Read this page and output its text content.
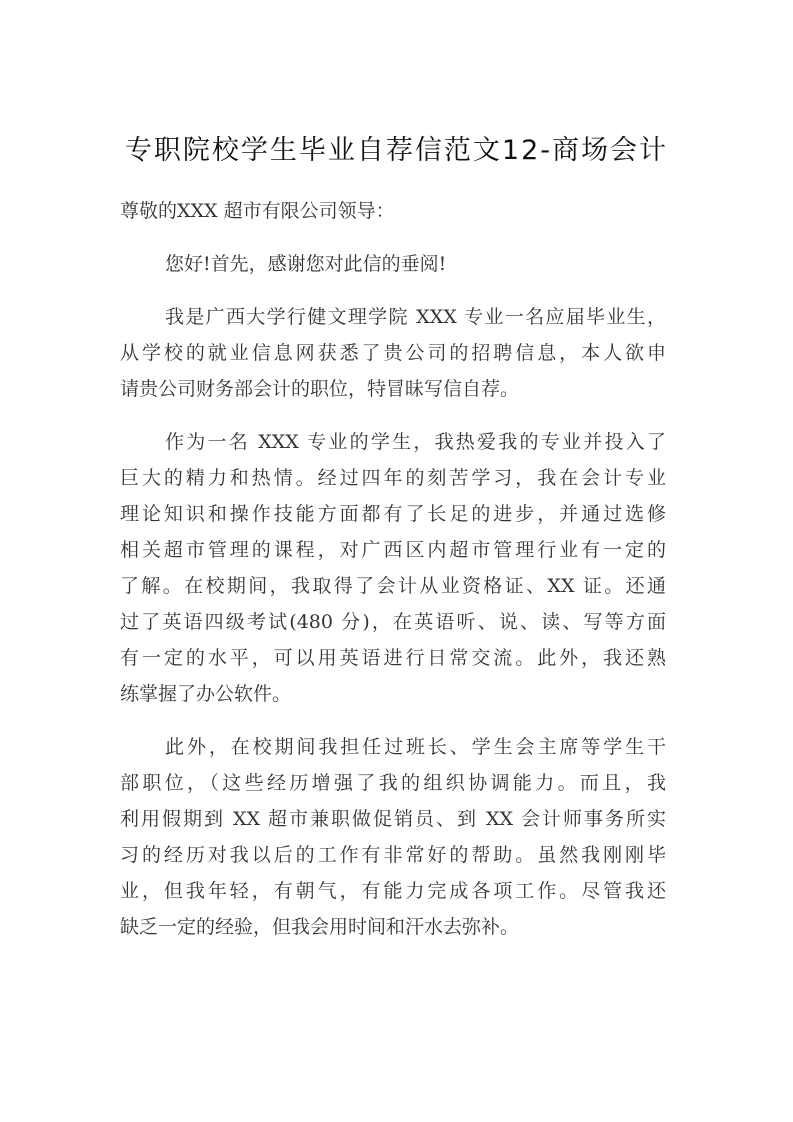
专职院校学生毕业自荐信范文12-商场会计
尊敬的XXX 超市有限公司领导：
您好!首先，感谢您对此信的垂阅!
我是广西大学行健文理学院 XXX 专业一名应届毕业生，
从学校的就业信息网获悉了贵公司的招聘信息，本人欲申
请贵公司财务部会计的职位，特冒昧写信自荐。
作为一名 XXX 专业的学生，我热爱我的专业并投入了
巨大的精力和热情。经过四年的刻苦学习，我在会计专业
理论知识和操作技能方面都有了长足的进步，并通过选修
相关超市管理的课程，对广西区内超市管理行业有一定的
了解。在校期间，我取得了会计从业资格证、XX 证。还通
过了英语四级考试(480 分)，在英语听、说、读、写等方面
有一定的水平，可以用英语进行日常交流。此外，我还熟
练掌握了办公软件。
此外，在校期间我担任过班长、学生会主席等学生干
部职位，（这些经历增强了我的组织协调能力。而且，我
利用假期到 XX 超市兼职做促销员、到 XX 会计师事务所实
习的经历对我以后的工作有非常好的帮助。虽然我刚刚毕
业，但我年轻，有朝气，有能力完成各项工作。尽管我还
缺乏一定的经验，但我会用时间和汗水去弥补。
